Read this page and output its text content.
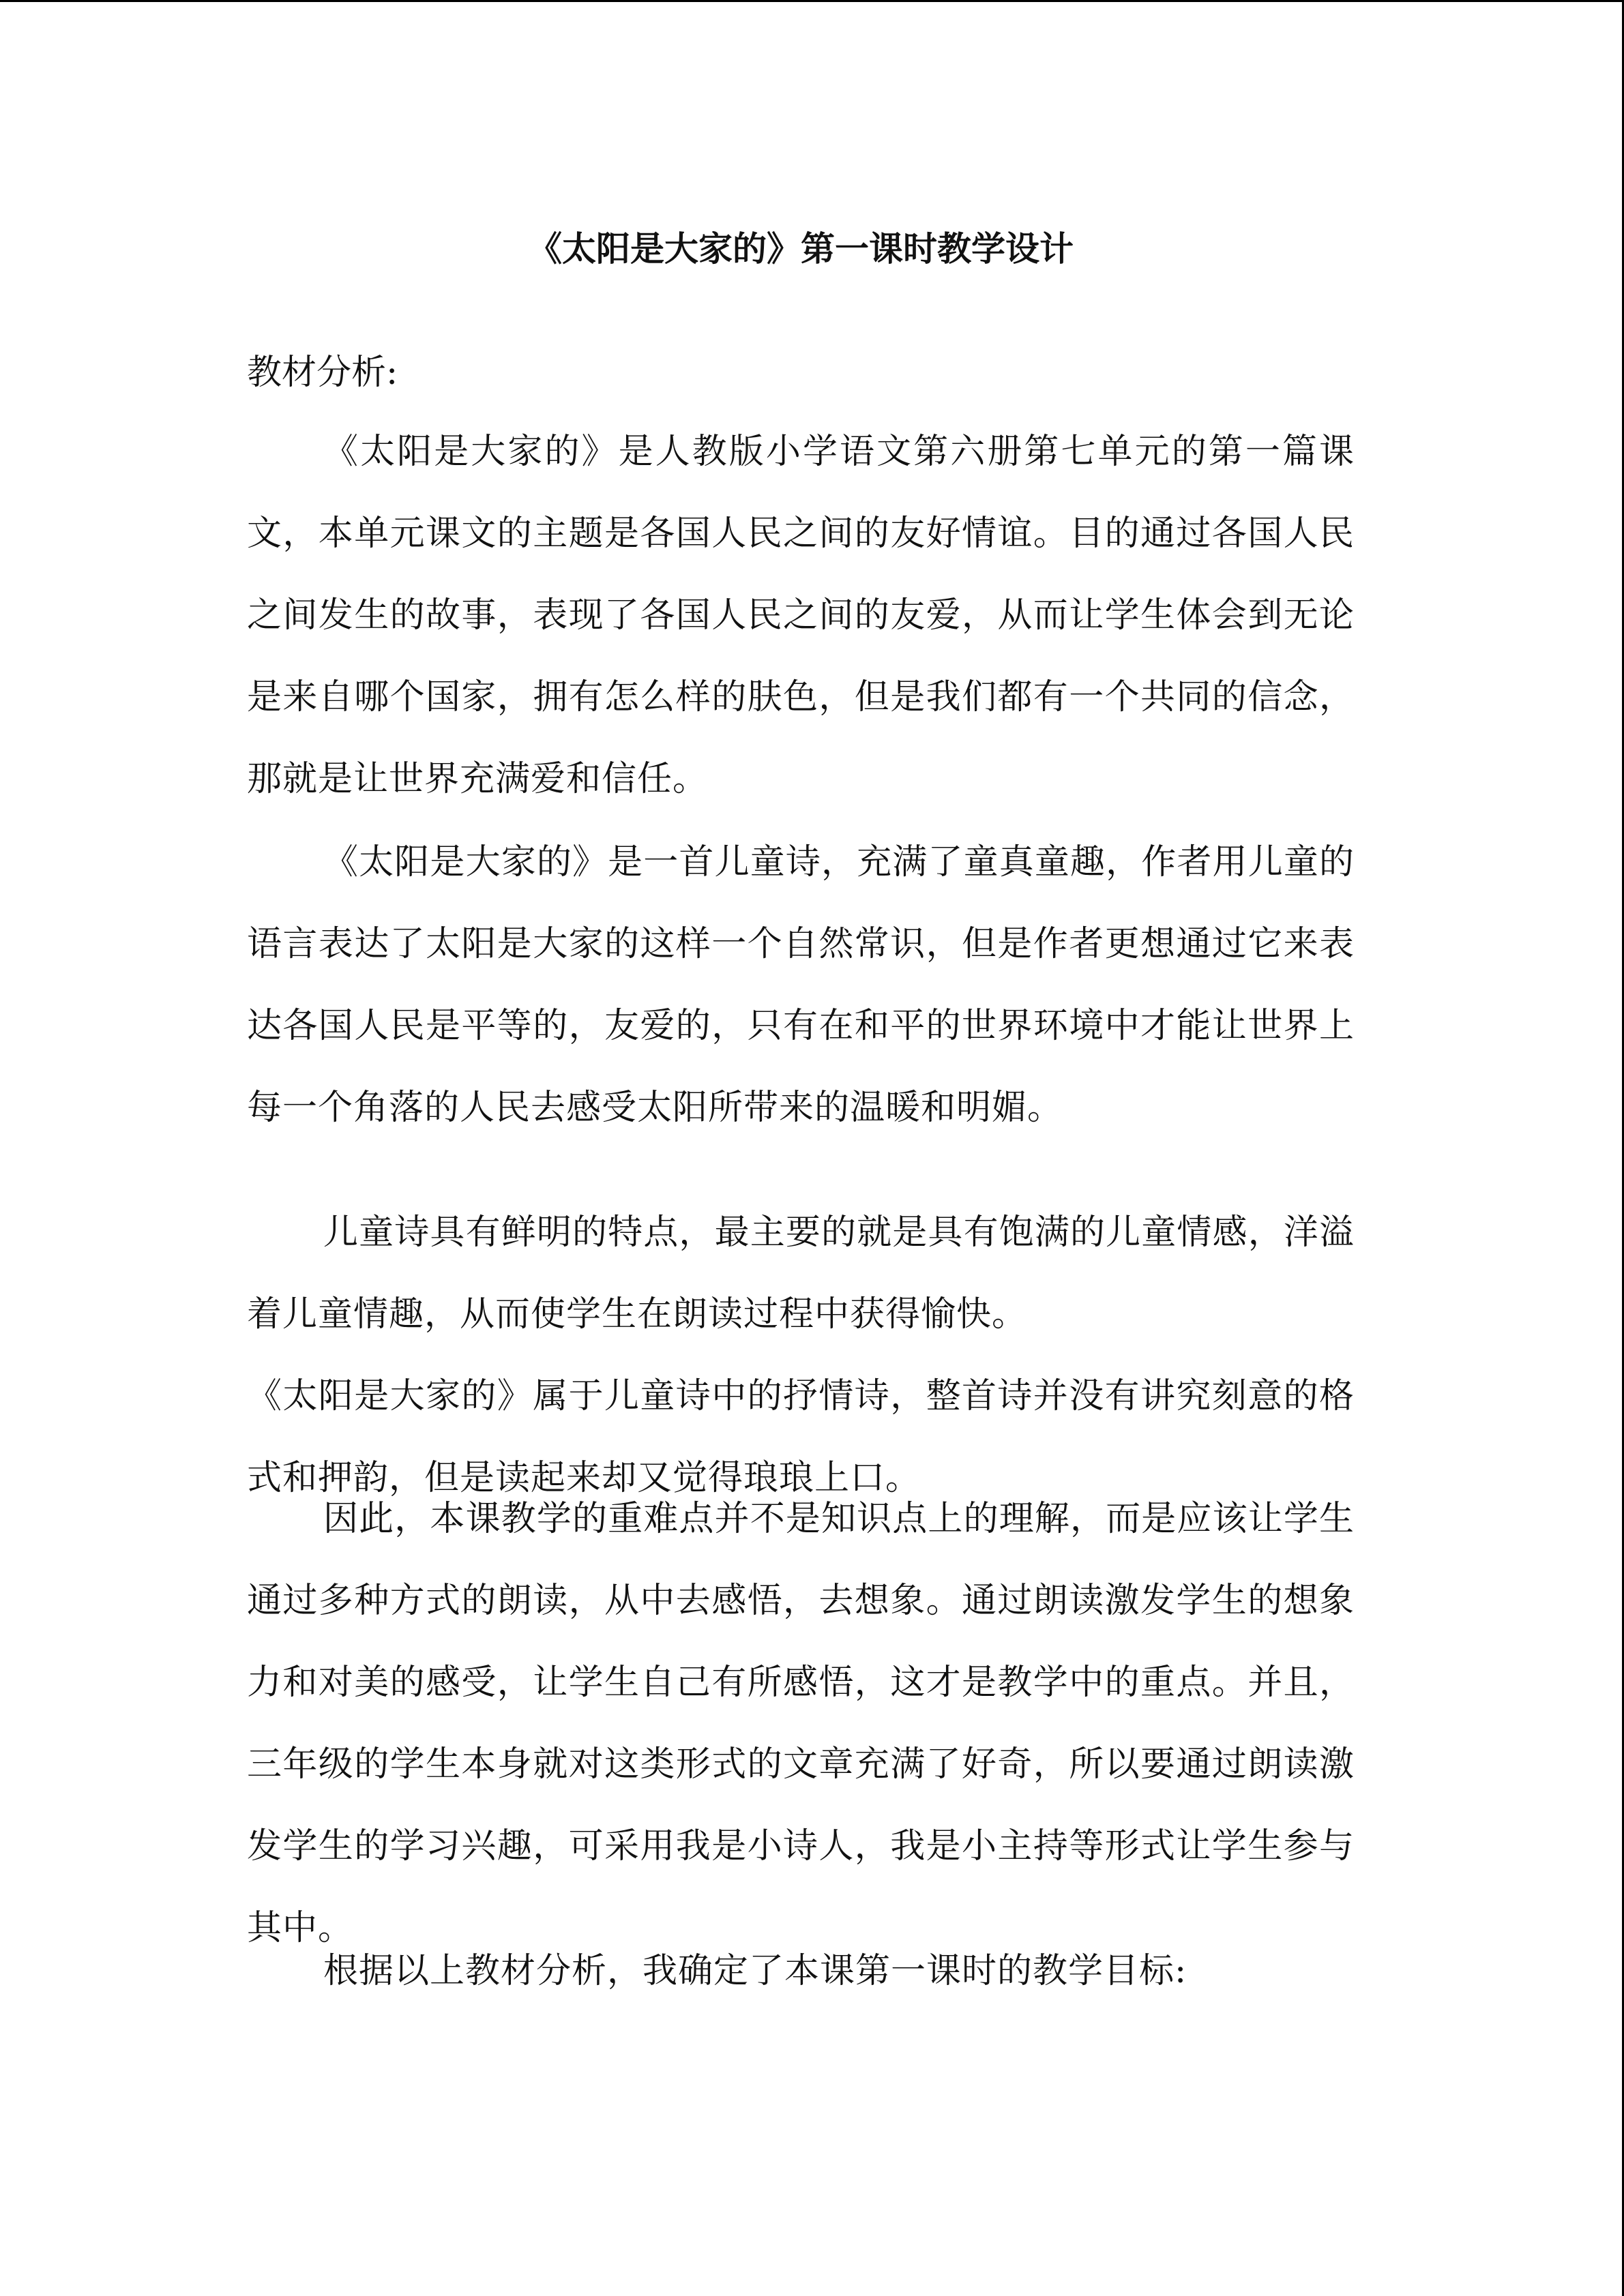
《太阳是大家的》第一课时教学设计

教材分析:

《太阳是大家的》是人教版小学语文第六册第七单元的第一篇课文，本单元课文的主题是各国人民之间的友好情谊。目的通过各国人民之间发生的故事，表现了各国人民之间的友爱，从而让学生体会到无论是来自哪个国家，拥有怎么样的肤色，但是我们都有一个共同的信念，那就是让世界充满爱和信任。

《太阳是大家的》是一首儿童诗，充满了童真童趣，作者用儿童的语言表达了太阳是大家的这样一个自然常识，但是作者更想通过它来表达各国人民是平等的，友爱的，只有在和平的世界环境中才能让世界上每一个角落的人民去感受太阳所带来的温暖和明媚。

儿童诗具有鲜明的特点，最主要的就是具有饱满的儿童情感，洋溢着儿童情趣，从而使学生在朗读过程中获得愉快。

《太阳是大家的》属于儿童诗中的抒情诗，整首诗并没有讲究刻意的格式和押韵，但是读起来却又觉得琅琅上口。

因此，本课教学的重难点并不是知识点上的理解，而是应该让学生通过多种方式的朗读，从中去感悟，去想象。通过朗读激发学生的想象力和对美的感受，让学生自己有所感悟，这才是教学中的重点。并且，三年级的学生本身就对这类形式的文章充满了好奇，所以要通过朗读激发学生的学习兴趣，可采用我是小诗人，我是小主持等形式让学生参与其中。

根据以上教材分析，我确定了本课第一课时的教学目标:
